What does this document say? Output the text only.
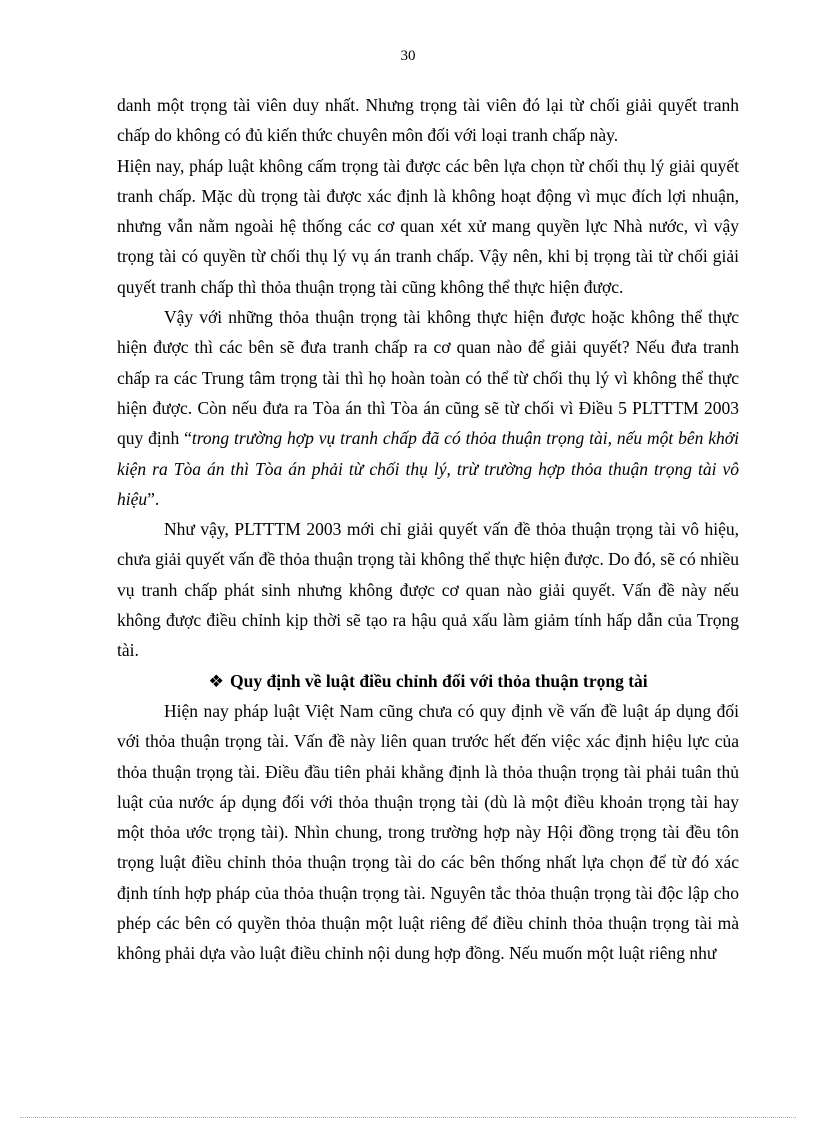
30

danh một trọng tài viên duy nhất. Nhưng trọng tài viên đó lại từ chối giải quyết tranh chấp do không có đủ kiến thức chuyên môn đối với loại tranh chấp này.

Hiện nay, pháp luật không cấm trọng tài được các bên lựa chọn từ chối thụ lý giải quyết tranh chấp. Mặc dù trọng tài được xác định là không hoạt động vì mục đích lợi nhuận, nhưng vẫn nằm ngoài hệ thống các cơ quan xét xử mang quyền lực Nhà nước, vì vậy trọng tài có quyền từ chối thụ lý vụ án tranh chấp. Vậy nên, khi bị trọng tài từ chối giải quyết tranh chấp thì thỏa thuận trọng tài cũng không thể thực hiện được.

Vậy với những thỏa thuận trọng tài không thực hiện được hoặc không thể thực hiện được thì các bên sẽ đưa tranh chấp ra cơ quan nào để giải quyết? Nếu đưa tranh chấp ra các Trung tâm trọng tài thì họ hoàn toàn có thể từ chối thụ lý vì không thể thực hiện được. Còn nếu đưa ra Tòa án thì Tòa án cũng sẽ từ chối vì Điều 5 PLTTTM 2003 quy định “trong trường hợp vụ tranh chấp đã có thỏa thuận trọng tài, nếu một bên khởi kiện ra Tòa án thì Tòa án phải từ chối thụ lý, trừ trường hợp thỏa thuận trọng tài vô hiệu”.

Như vậy, PLTTTM 2003 mới chỉ giải quyết vấn đề thỏa thuận trọng tài vô hiệu, chưa giải quyết vấn đề thỏa thuận trọng tài không thể thực hiện được. Do đó, sẽ có nhiều vụ tranh chấp phát sinh nhưng không được cơ quan nào giải quyết. Vấn đề này nếu không được điều chỉnh kịp thời sẽ tạo ra hậu quả xấu làm giảm tính hấp dẫn của Trọng tài.

❖ Quy định về luật điều chỉnh đối với thỏa thuận trọng tài

Hiện nay pháp luật Việt Nam cũng chưa có quy định về vấn đề luật áp dụng đối với thỏa thuận trọng tài. Vấn đề này liên quan trước hết đến việc xác định hiệu lực của thỏa thuận trọng tài. Điều đầu tiên phải khẳng định là thỏa thuận trọng tài phải tuân thủ luật của nước áp dụng đối với thỏa thuận trọng tài (dù là một điều khoản trọng tài hay một thỏa ước trọng tài). Nhìn chung, trong trường hợp này Hội đồng trọng tài đều tôn trọng luật điều chỉnh thỏa thuận trọng tài do các bên thống nhất lựa chọn để từ đó xác định tính hợp pháp của thỏa thuận trọng tài. Nguyên tắc thỏa thuận trọng tài độc lập cho phép các bên có quyền thỏa thuận một luật riêng để điều chỉnh thỏa thuận trọng tài mà không phải dựa vào luật điều chỉnh nội dung hợp đồng. Nếu muốn một luật riêng như
